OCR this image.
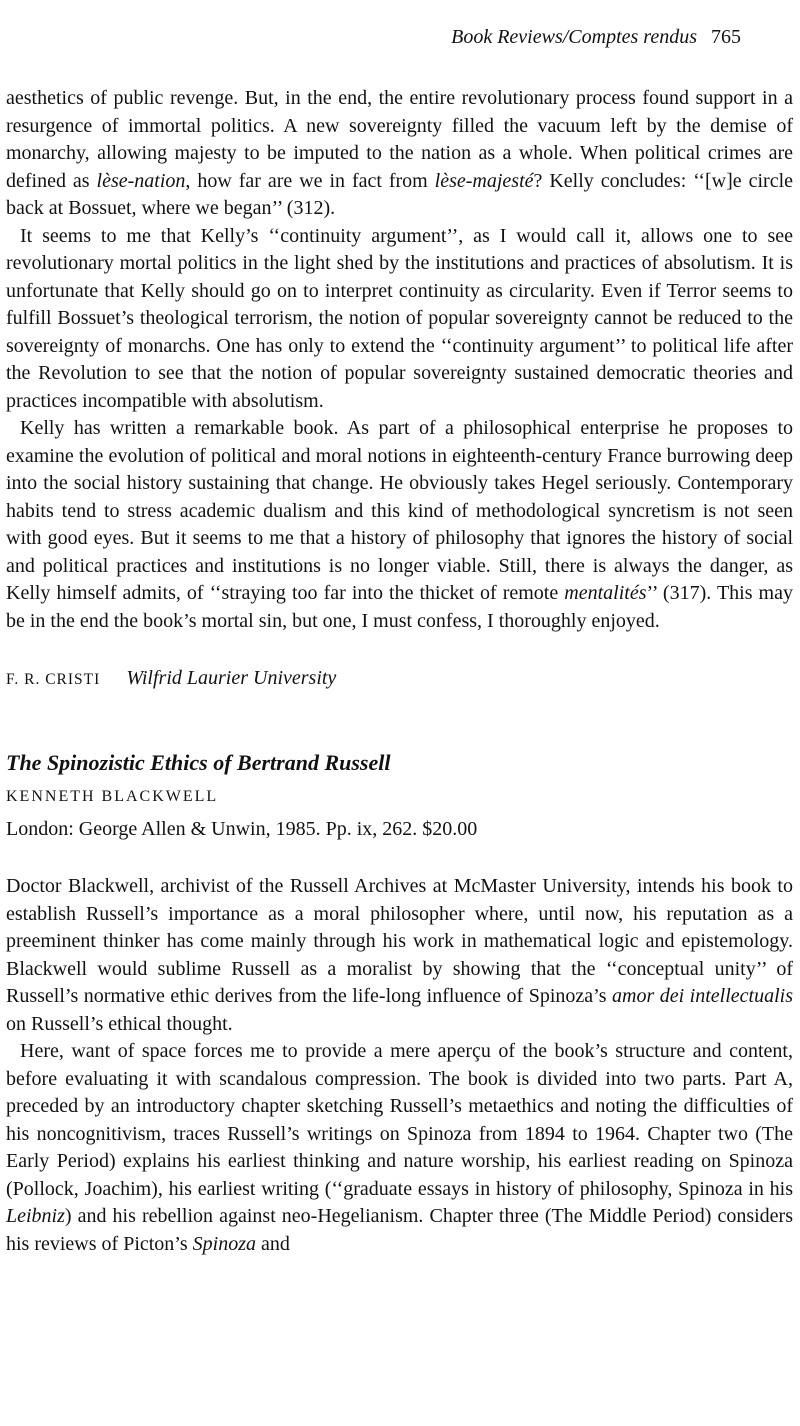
Book Reviews/Comptes rendus 765

aesthetics of public revenge. But, in the end, the entire revolutionary process found support in a resurgence of immortal politics. A new sovereignty filled the vacuum left by the demise of monarchy, allowing majesty to be imputed to the nation as a whole. When political crimes are defined as lèse-nation, how far are we in fact from lèse-majesté? Kelly concludes: ‘‘[w]e circle back at Bossuet, where we began’’ (312).

It seems to me that Kelly’s ‘‘continuity argument’’, as I would call it, allows one to see revolutionary mortal politics in the light shed by the institutions and practices of absolutism. It is unfortunate that Kelly should go on to interpret continuity as circularity. Even if Terror seems to fulfill Bossuet’s theological terrorism, the notion of popular sovereignty cannot be reduced to the sovereignty of monarchs. One has only to extend the ‘‘continuity argument’’ to political life after the Revolution to see that the notion of popular sovereignty sustained democratic theories and practices incompatible with absolutism.

Kelly has written a remarkable book. As part of a philosophical enterprise he proposes to examine the evolution of political and moral notions in eighteenth-century France burrowing deep into the social history sustaining that change. He obviously takes Hegel seriously. Contemporary habits tend to stress academic dualism and this kind of methodological syncretism is not seen with good eyes. But it seems to me that a history of philosophy that ignores the history of social and political practices and institutions is no longer viable. Still, there is always the danger, as Kelly himself admits, of ‘‘straying too far into the thicket of remote mentalités’’ (317). This may be in the end the book’s mortal sin, but one, I must confess, I thoroughly enjoyed.

F. R. CRISTI Wilfrid Laurier University
The Spinozistic Ethics of Bertrand Russell
KENNETH BLACKWELL
London: George Allen & Unwin, 1985. Pp. ix, 262. $20.00

Doctor Blackwell, archivist of the Russell Archives at McMaster University, intends his book to establish Russell’s importance as a moral philosopher where, until now, his reputation as a preeminent thinker has come mainly through his work in mathematical logic and epistemology. Blackwell would sublime Russell as a moralist by showing that the ‘‘conceptual unity’’ of Russell’s normative ethic derives from the life-long influence of Spinoza’s amor dei intellectualis on Russell’s ethical thought.

Here, want of space forces me to provide a mere aperçu of the book’s structure and content, before evaluating it with scandalous compression. The book is divided into two parts. Part A, preceded by an introductory chapter sketching Russell’s metaethics and noting the difficulties of his noncognitivism, traces Russell’s writings on Spinoza from 1894 to 1964. Chapter two (The Early Period) explains his earliest thinking and nature worship, his earliest reading on Spinoza (Pollock, Joachim), his earliest writing (‘‘graduate essays in history of philosophy, Spinoza in his Leibniz) and his rebellion against neo-Hegelianism. Chapter three (The Middle Period) considers his reviews of Picton’s Spinoza and
